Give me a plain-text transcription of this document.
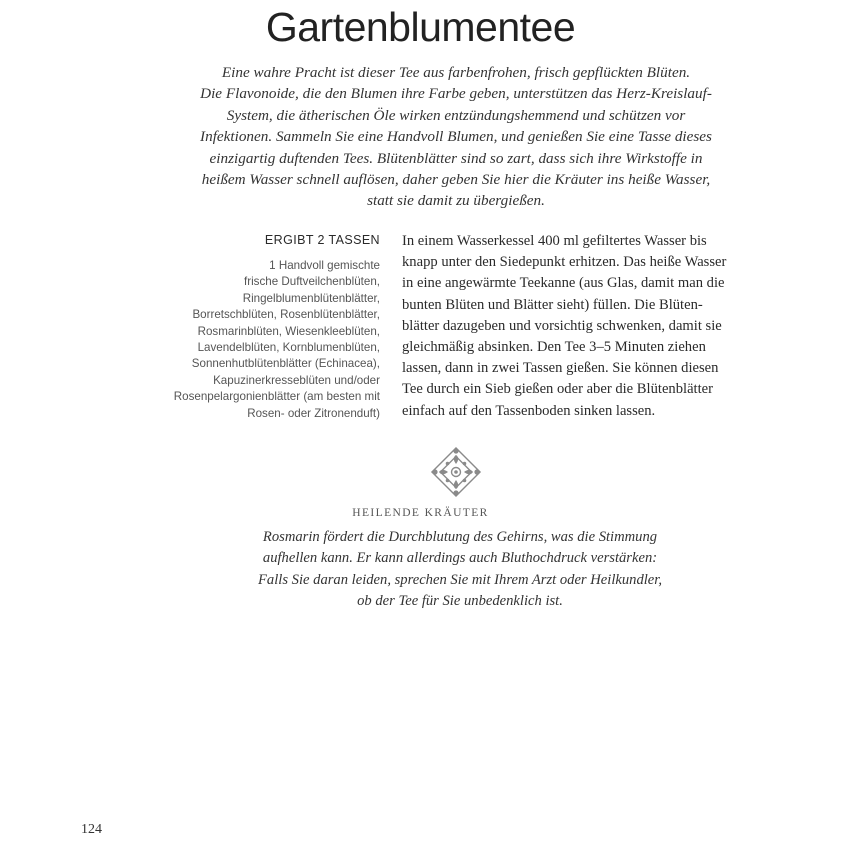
Gartenblumentee
Eine wahre Pracht ist dieser Tee aus farbenfrohen, frisch gepflückten Blüten.
Die Flavonoide, die den Blumen ihre Farbe geben, unterstützen das Herz-Kreislauf-
System, die ätherischen Öle wirken entzündungshemmend und schützen vor
Infektionen. Sammeln Sie eine Handvoll Blumen, und genießen Sie eine Tasse dieses
einzigartig duftenden Tees. Blütenblätter sind so zart, dass sich ihre Wirkstoffe in
heißem Wasser schnell auflösen, daher geben Sie hier die Kräuter ins heiße Wasser,
statt sie damit zu übergießen.
ERGIBT 2 TASSEN
1 Handvoll gemischte
frische Duftveilchenblüten,
Ringelblumenblütenblätter,
Borretschblüten, Rosenblütenblätter,
Rosmarinblüten, Wiesenkleeblüten,
Lavendelblüten, Kornblumenblüten,
Sonnenhutblütenblätter (Echinacea),
Kapuzinerkresseblüten und/oder
Rosenpelargonienblätter (am besten mit
Rosen- oder Zitronenduft)
In einem Wasserkessel 400 ml gefiltertes Wasser bis
knapp unter den Siedepunkt erhitzen. Das heiße Wasser
in eine angewärmte Teekanne (aus Glas, damit man die
bunten Blüten und Blätter sieht) füllen. Die Blüten-
blätter dazugeben und vorsichtig schwenken, damit sie
gleichmäßig absinken. Den Tee 3–5 Minuten ziehen
lassen, dann in zwei Tassen gießen. Sie können diesen
Tee durch ein Sieb gießen oder aber die Blütenblätter
einfach auf den Tassenboden sinken lassen.
HEILENDE KRÄUTER
Rosmarin fördert die Durchblutung des Gehirns, was die Stimmung
aufhellen kann. Er kann allerdings auch Bluthochdruck verstärken:
Falls Sie daran leiden, sprechen Sie mit Ihrem Arzt oder Heilkundler,
ob der Tee für Sie unbedenklich ist.
124
